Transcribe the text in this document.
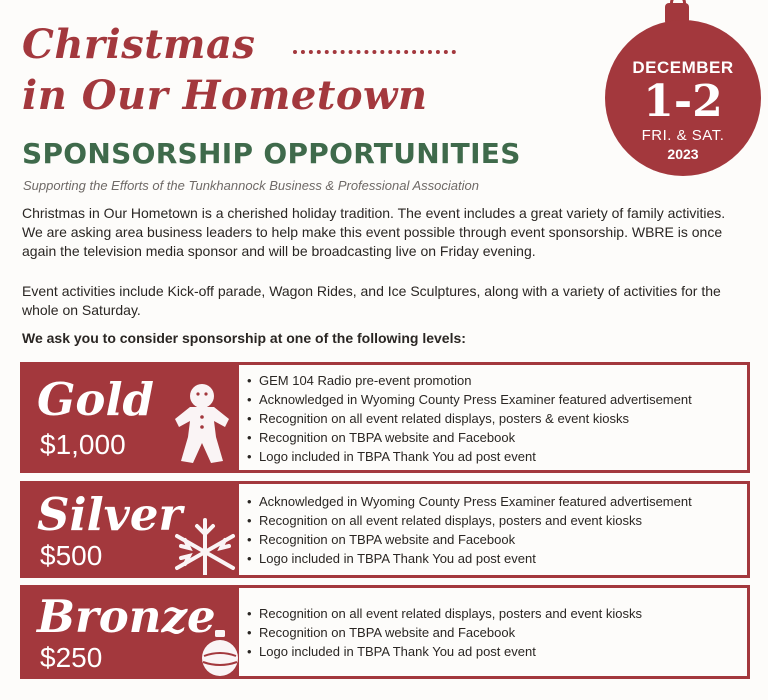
Christmas
in Our Hometown
SPONSORSHIP OPPORTUNITIES
Supporting the Efforts of the Tunkhannock Business & Professional Association
DECEMBER
1-2
FRI. & SAT.
2023

Christmas in Our Hometown is a cherished holiday tradition. The event includes a great variety of family activities. We are asking area business leaders to help make this event possible through event sponsorship. WBRE is once again the television media sponsor and will be broadcasting live on Friday evening.

Event activities include Kick-off parade, Wagon Rides, and Ice Sculptures, along with a variety of activities for the whole on Saturday.

We ask you to consider sponsorship at one of the following levels:

Gold
$1,000
• GEM 104 Radio pre-event promotion
• Acknowledged in Wyoming County Press Examiner featured advertisement
• Recognition on all event related displays, posters & event kiosks
• Recognition on TBPA website and Facebook
• Logo included in TBPA Thank You ad post event
Silver
$500
• Acknowledged in Wyoming County Press Examiner featured advertisement
• Recognition on all event related displays, posters and event kiosks
• Recognition on TBPA website and Facebook
• Logo included in TBPA Thank You ad post event
Bronze
$250
• Recognition on all event related displays, posters and event kiosks
• Recognition on TBPA website and Facebook
• Logo included in TBPA Thank You ad post event
